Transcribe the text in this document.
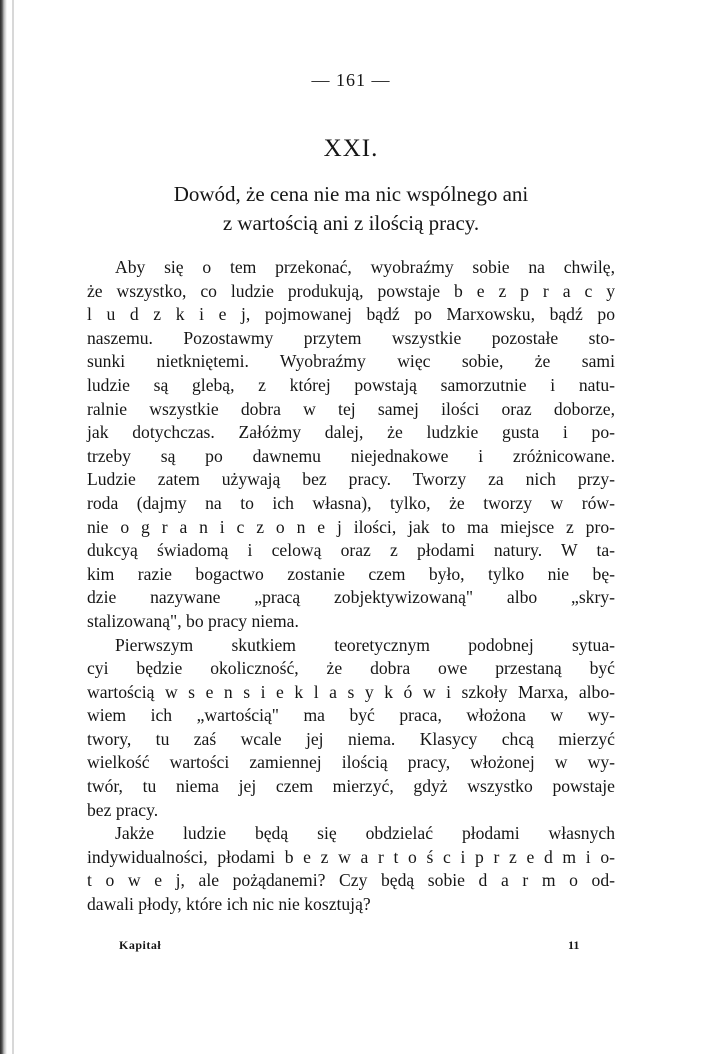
— 161 —
XXI.
Dowód, że cena nie ma nic wspólnego ani
z wartością ani z ilością pracy.
Aby się o tem przekonać, wyobraźmy sobie na chwilę,
że wszystko, co ludzie produkują, powstaje b e z p r a c y
l u d z k i e j, pojmowanej bądź po Marxowsku, bądź po
naszemu. Pozostawmy przytem wszystkie pozostałe sto-
sunki nietkniętemi. Wyobraźmy więc sobie, że sami
ludzie są glebą, z której powstają samorzutnie i natu-
ralnie wszystkie dobra w tej samej ilości oraz doborze,
jak dotychczas. Załóżmy dalej, że ludzkie gusta i po-
trzeby są po dawnemu niejednakowe i zróżnicowane.
Ludzie zatem używają bez pracy. Tworzy za nich przy-
roda (dajmy na to ich własna), tylko, że tworzy w rów-
nie o g r a n i c z o n e j ilości, jak to ma miejsce z pro-
dukcyą świadomą i celową oraz z płodami natury. W ta-
kim razie bogactwo zostanie czem było, tylko nie bę-
dzie nazywane „pracą zobjektywizowaną" albo „skry-
stalizowaną", bo pracy niema.
Pierwszym skutkiem teoretycznym podobnej sytua-
cyi będzie okoliczność, że dobra owe przestaną być
wartością w s e n s i e k l a s y k ó w i szkoły Marxa, albo-
wiem ich „wartością" ma być praca, włożona w wy-
twory, tu zaś wcale jej niema. Klasycy chcą mierzyć
wielkość wartości zamiennej ilością pracy, włożonej w wy-
twór, tu niema jej czem mierzyć, gdyż wszystko powstaje
bez pracy.
Jakże ludzie będą się obdzielać płodami własnych
indywidualności, płodami b e z w a r t o ś c i p r z e d m i o-
t o w e j, ale pożądanemi? Czy będą sobie d a r m o od-
dawali płody, które ich nic nie kosztują?
Kapitał	11
